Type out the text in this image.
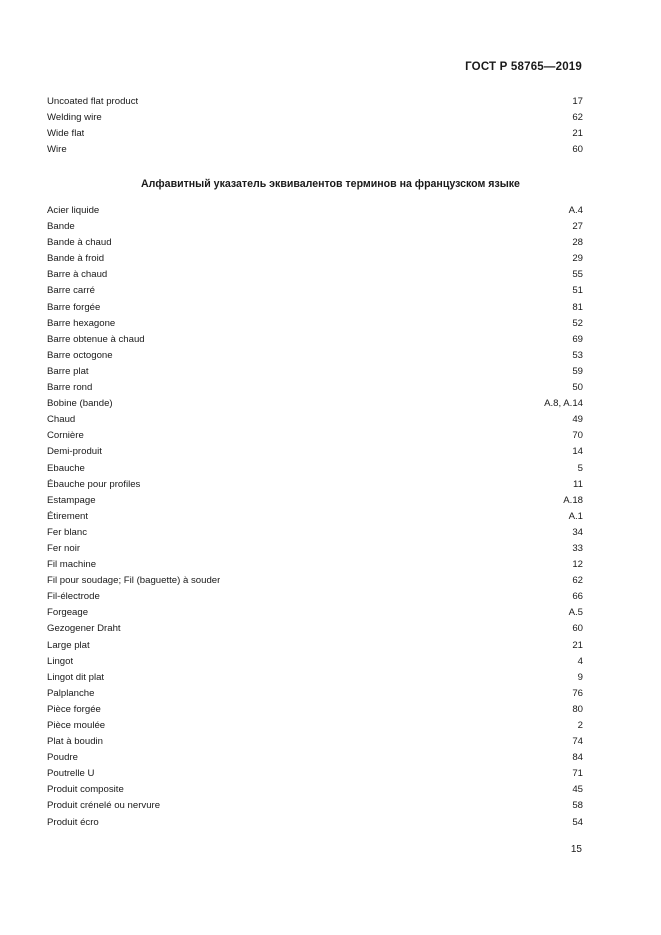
ГОСТ Р 58765—2019
Uncoated flat product	17
Welding wire	62
Wide flat	21
Wire	60
Алфавитный указатель эквивалентов терминов на французском языке
Acier liquide	A.4
Bande	27
Bande à chaud	28
Bande à froid	29
Barre à chaud	55
Barre carré	51
Barre forgée	81
Barre hexagone	52
Barre obtenue à chaud	69
Barre octogone	53
Barre plat	59
Barre rond	50
Bobine (bande)	A.8, A.14
Chaud	49
Cornière	70
Demi-produit	14
Ebauche	5
Ébauche pour profiles	11
Estampage	A.18
Étirement	A.1
Fer blanc	34
Fer noir	33
Fil machine	12
Fil pour soudage; Fil (baguette) à souder	62
Fil-électrode	66
Forgeage	A.5
Gezogener Draht	60
Large plat	21
Lingot	4
Lingot dit plat	9
Palplanche	76
Pièce forgée	80
Pièce moulée	2
Plat à boudin	74
Poudre	84
Poutrelle U	71
Produit composite	45
Produit crénelé ou nervure	58
Produit écro	54
15
